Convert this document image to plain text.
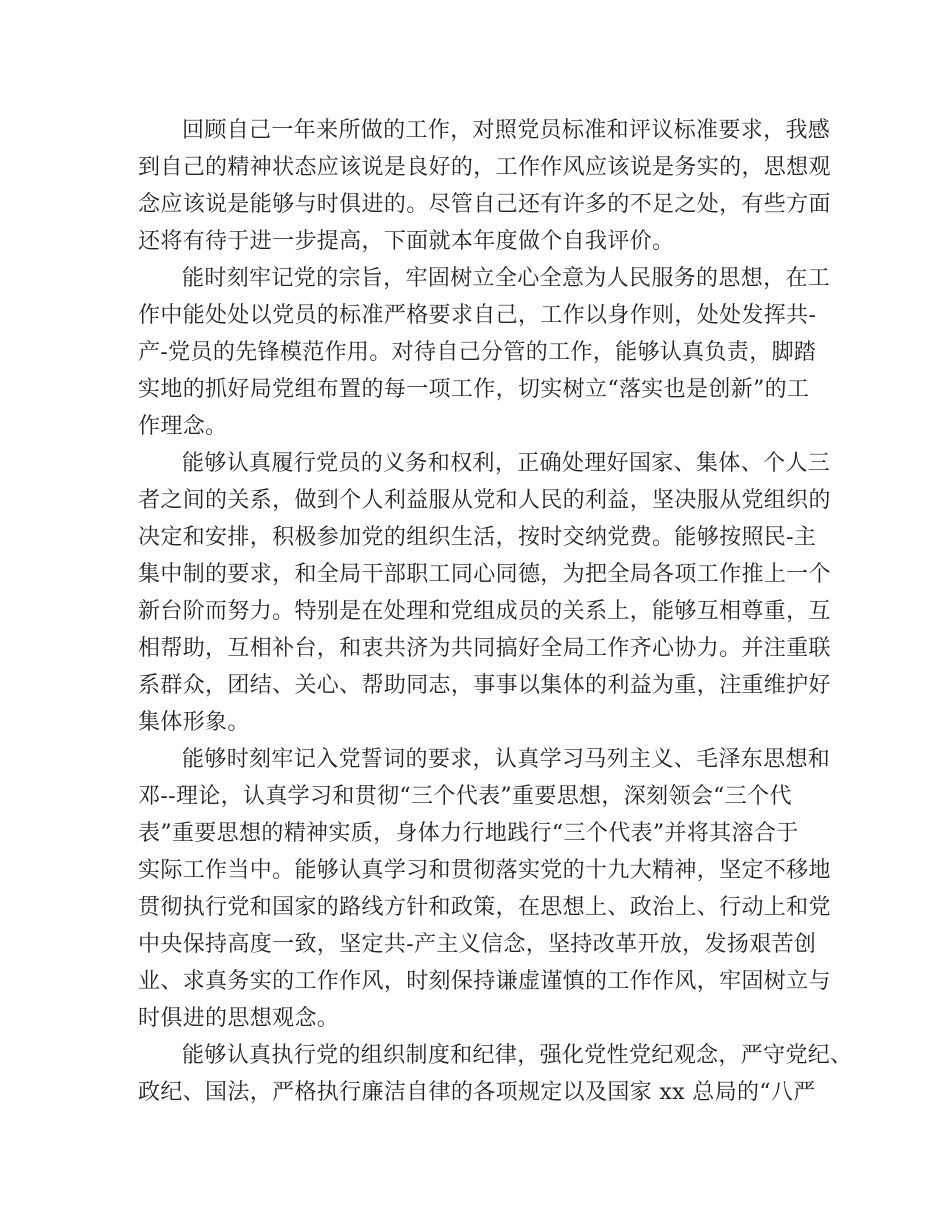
回顾自己一年来所做的工作，对照党员标准和评议标准要求，我感
到自己的精神状态应该说是良好的，工作作风应该说是务实的，思想观
念应该说是能够与时俱进的。尽管自己还有许多的不足之处，有些方面
还将有待于进一步提高，下面就本年度做个自我评价。
能时刻牢记党的宗旨，牢固树立全心全意为人民服务的思想，在工
作中能处处以党员的标准严格要求自己，工作以身作则，处处发挥共-
产-党员的先锋模范作用。对待自己分管的工作，能够认真负责，脚踏
实地的抓好局党组布置的每一项工作，切实树立“落实也是创新”的工
作理念。
能够认真履行党员的义务和权利，正确处理好国家、集体、个人三
者之间的关系，做到个人利益服从党和人民的利益，坚决服从党组织的
决定和安排，积极参加党的组织生活，按时交纳党费。能够按照民-主
集中制的要求，和全局干部职工同心同德，为把全局各项工作推上一个
新台阶而努力。特别是在处理和党组成员的关系上，能够互相尊重，互
相帮助，互相补台，和衷共济为共同搞好全局工作齐心协力。并注重联
系群众，团结、关心、帮助同志，事事以集体的利益为重，注重维护好
集体形象。
能够时刻牢记入党誓词的要求，认真学习马列主义、毛泽东思想和
邓--理论，认真学习和贯彻“三个代表”重要思想，深刻领会“三个代
表”重要思想的精神实质，身体力行地践行“三个代表”并将其溶合于
实际工作当中。能够认真学习和贯彻落实党的十九大精神，坚定不移地
贯彻执行党和国家的路线方针和政策，在思想上、政治上、行动上和党
中央保持高度一致，坚定共-产主义信念，坚持改革开放，发扬艰苦创
业、求真务实的工作作风，时刻保持谦虚谨慎的工作作风，牢固树立与
时俱进的思想观念。
能够认真执行党的组织制度和纪律，强化党性党纪观念，严守党纪、
政纪、国法，严格执行廉洁自律的各项规定以及国家 xx 总局的“八严
